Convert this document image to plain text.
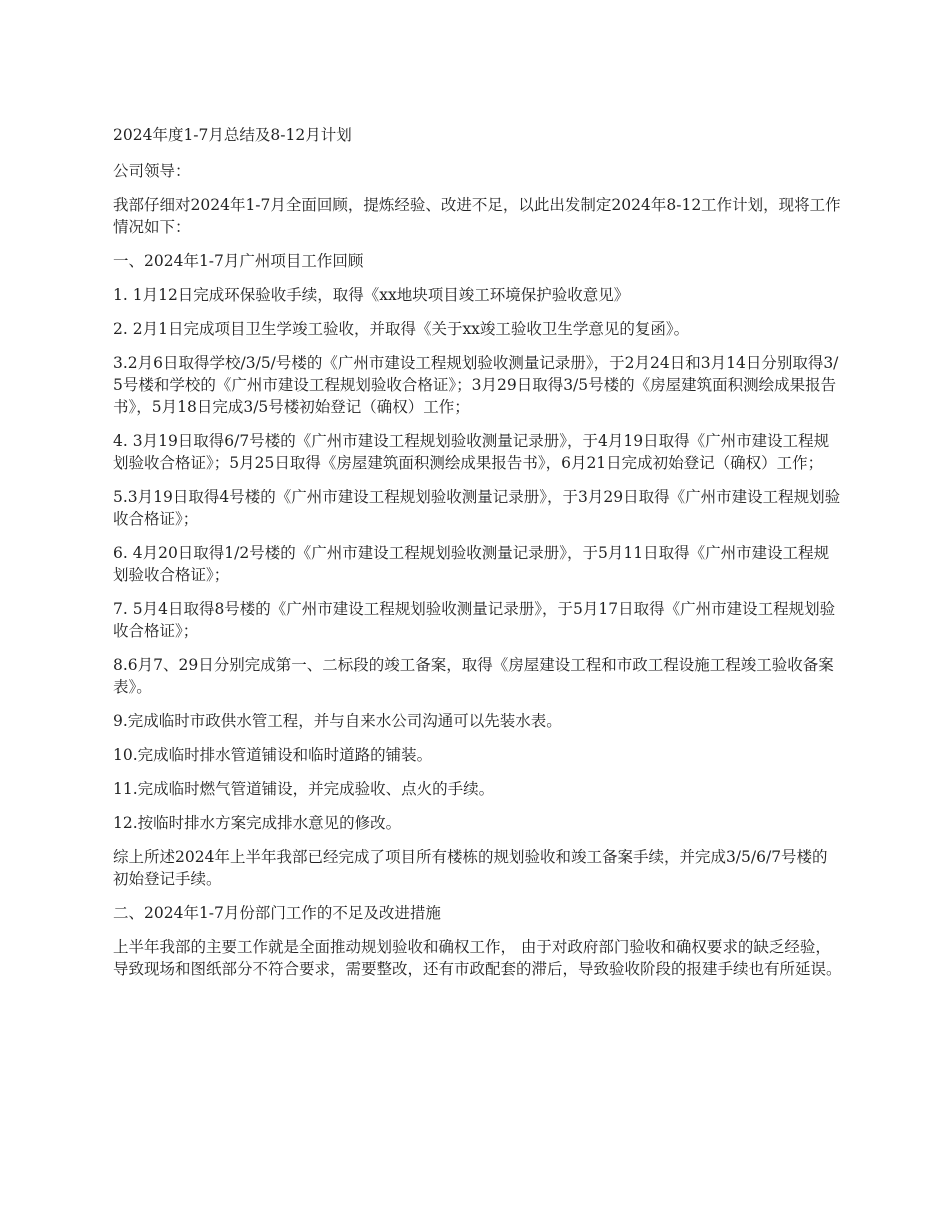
2024年度1-7月总结及8-12月计划

公司领导：

我部仔细对2024年1-7月全面回顾，提炼经验、改进不足，以此出发制定2024年8-12工作计划，现将工作情况如下：

一、2024年1-7月广州项目工作回顾

1. 1月12日完成环保验收手续，取得《xx地块项目竣工环境保护验收意见》

2. 2月1日完成项目卫生学竣工验收，并取得《关于xx竣工验收卫生学意见的复函》。

3.2月6日取得学校/3/5/号楼的《广州市建设工程规划验收测量记录册》，于2月24日和3月14日分别取得3/5号楼和学校的《广州市建设工程规划验收合格证》；3月29日取得3/5号楼的《房屋建筑面积测绘成果报告书》，5月18日完成3/5号楼初始登记（确权）工作；

4. 3月19日取得6/7号楼的《广州市建设工程规划验收测量记录册》，于4月19日取得《广州市建设工程规划验收合格证》；5月25日取得《房屋建筑面积测绘成果报告书》，6月21日完成初始登记（确权）工作；

5.3月19日取得4号楼的《广州市建设工程规划验收测量记录册》，于3月29日取得《广州市建设工程规划验收合格证》；

6. 4月20日取得1/2号楼的《广州市建设工程规划验收测量记录册》，于5月11日取得《广州市建设工程规划验收合格证》；

7. 5月4日取得8号楼的《广州市建设工程规划验收测量记录册》，于5月17日取得《广州市建设工程规划验收合格证》；

8.6月7、29日分别完成第一、二标段的竣工备案，取得《房屋建设工程和市政工程设施工程竣工验收备案表》。

9.完成临时市政供水管工程，并与自来水公司沟通可以先装水表。

10.完成临时排水管道铺设和临时道路的铺装。

11.完成临时燃气管道铺设，并完成验收、点火的手续。

12.按临时排水方案完成排水意见的修改。

综上所述2024年上半年我部已经完成了项目所有楼栋的规划验收和竣工备案手续，并完成3/5/6/7号楼的初始登记手续。

二、2024年1-7月份部门工作的不足及改进措施

上半年我部的主要工作就是全面推动规划验收和确权工作， 由于对政府部门验收和确权要求的缺乏经验，导致现场和图纸部分不符合要求，需要整改，还有市政配套的滞后，导致验收阶段的报建手续也有所延误。
